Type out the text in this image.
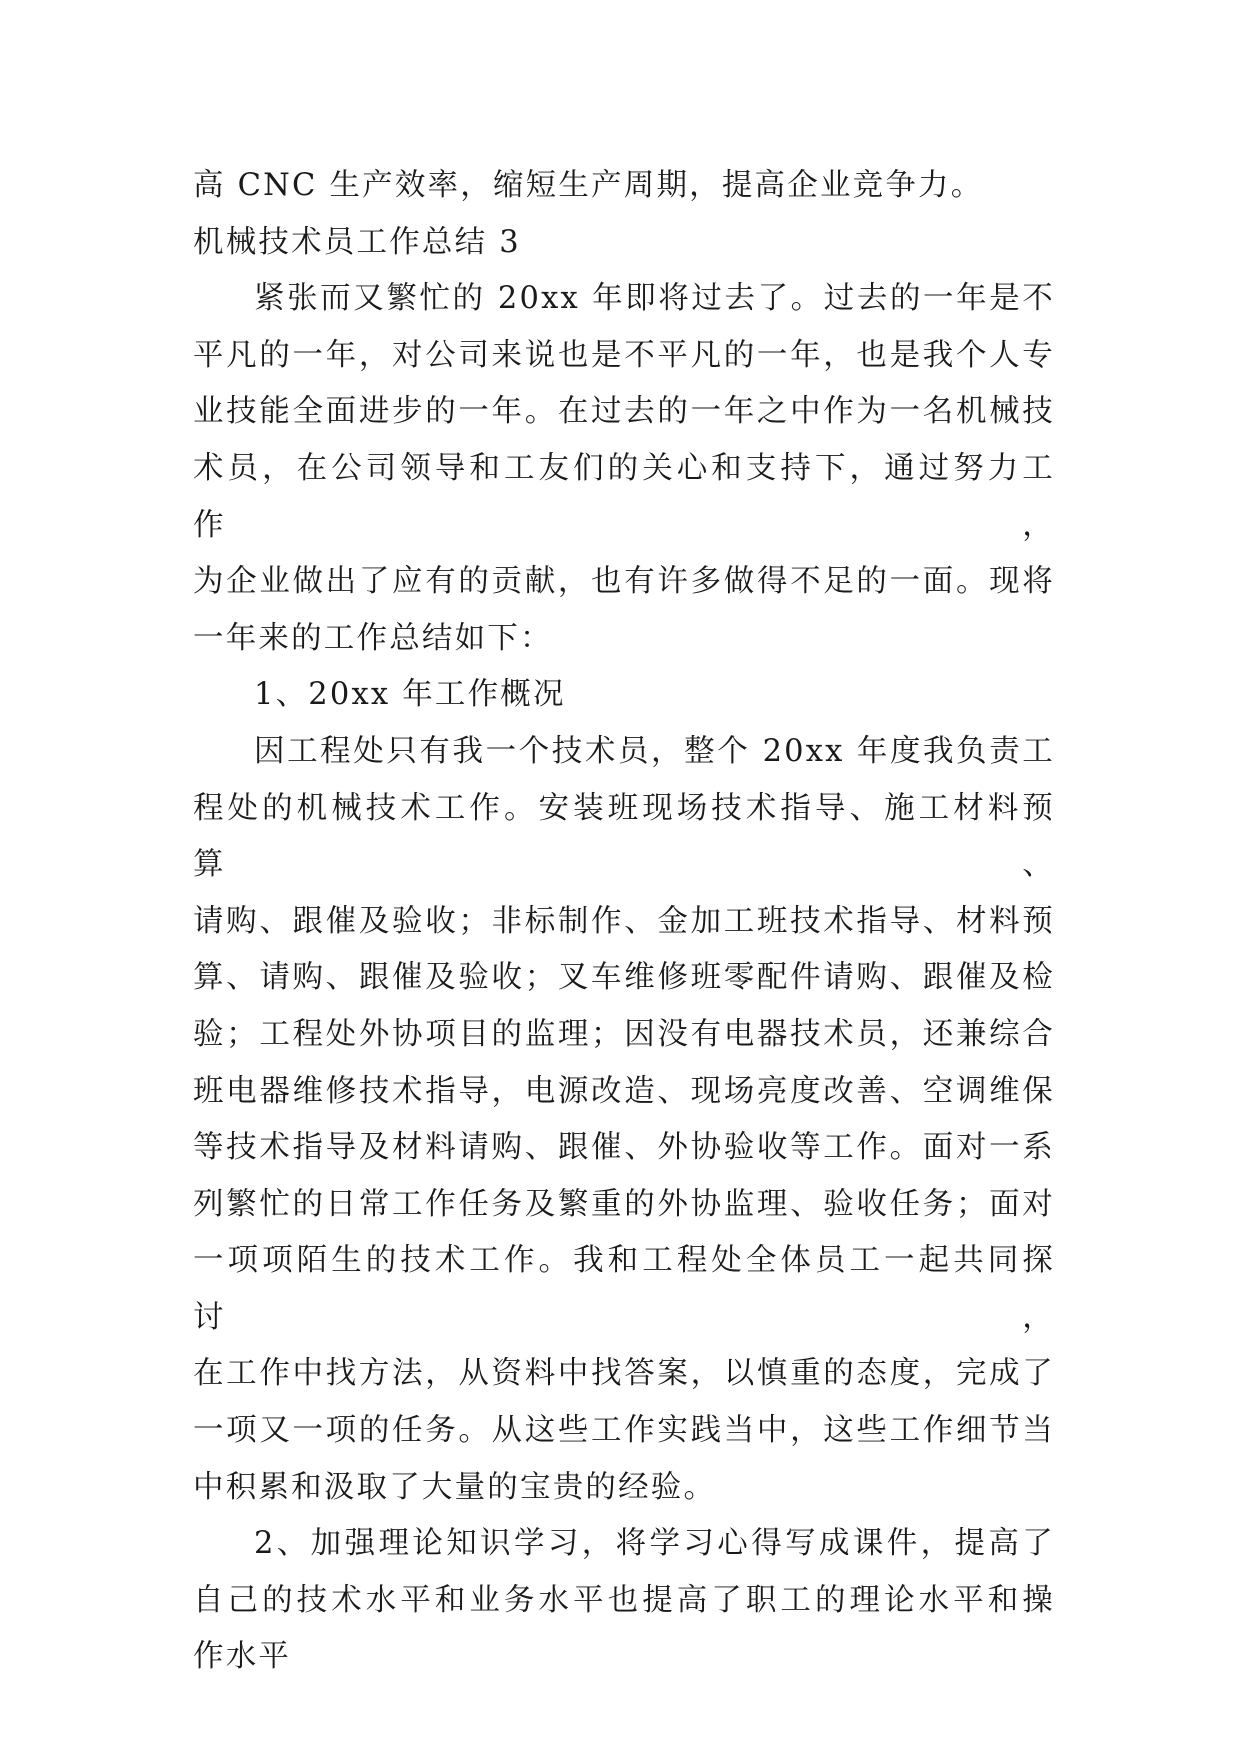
高 CNC 生产效率，缩短生产周期，提高企业竞争力。

机械技术员工作总结 3

紧张而又繁忙的 20xx 年即将过去了。过去的一年是不

平凡的一年，对公司来说也是不平凡的一年，也是我个人专

业技能全面进步的一年。在过去的一年之中作为一名机械技

术员，在公司领导和工友们的关心和支持下，通过努力工作，

为企业做出了应有的贡献，也有许多做得不足的一面。现将

一年来的工作总结如下：

1、20xx 年工作概况

因工程处只有我一个技术员，整个 20xx 年度我负责工

程处的机械技术工作。安装班现场技术指导、施工材料预算、

请购、跟催及验收；非标制作、金加工班技术指导、材料预

算、请购、跟催及验收；叉车维修班零配件请购、跟催及检

验；工程处外协项目的监理；因没有电器技术员，还兼综合

班电器维修技术指导，电源改造、现场亮度改善、空调维保

等技术指导及材料请购、跟催、外协验收等工作。面对一系

列繁忙的日常工作任务及繁重的外协监理、验收任务；面对

一项项陌生的技术工作。我和工程处全体员工一起共同探讨，

在工作中找方法，从资料中找答案，以慎重的态度，完成了

一项又一项的任务。从这些工作实践当中，这些工作细节当

中积累和汲取了大量的宝贵的经验。

2、加强理论知识学习，将学习心得写成课件，提高了

自己的技术水平和业务水平也提高了职工的理论水平和操

作水平
